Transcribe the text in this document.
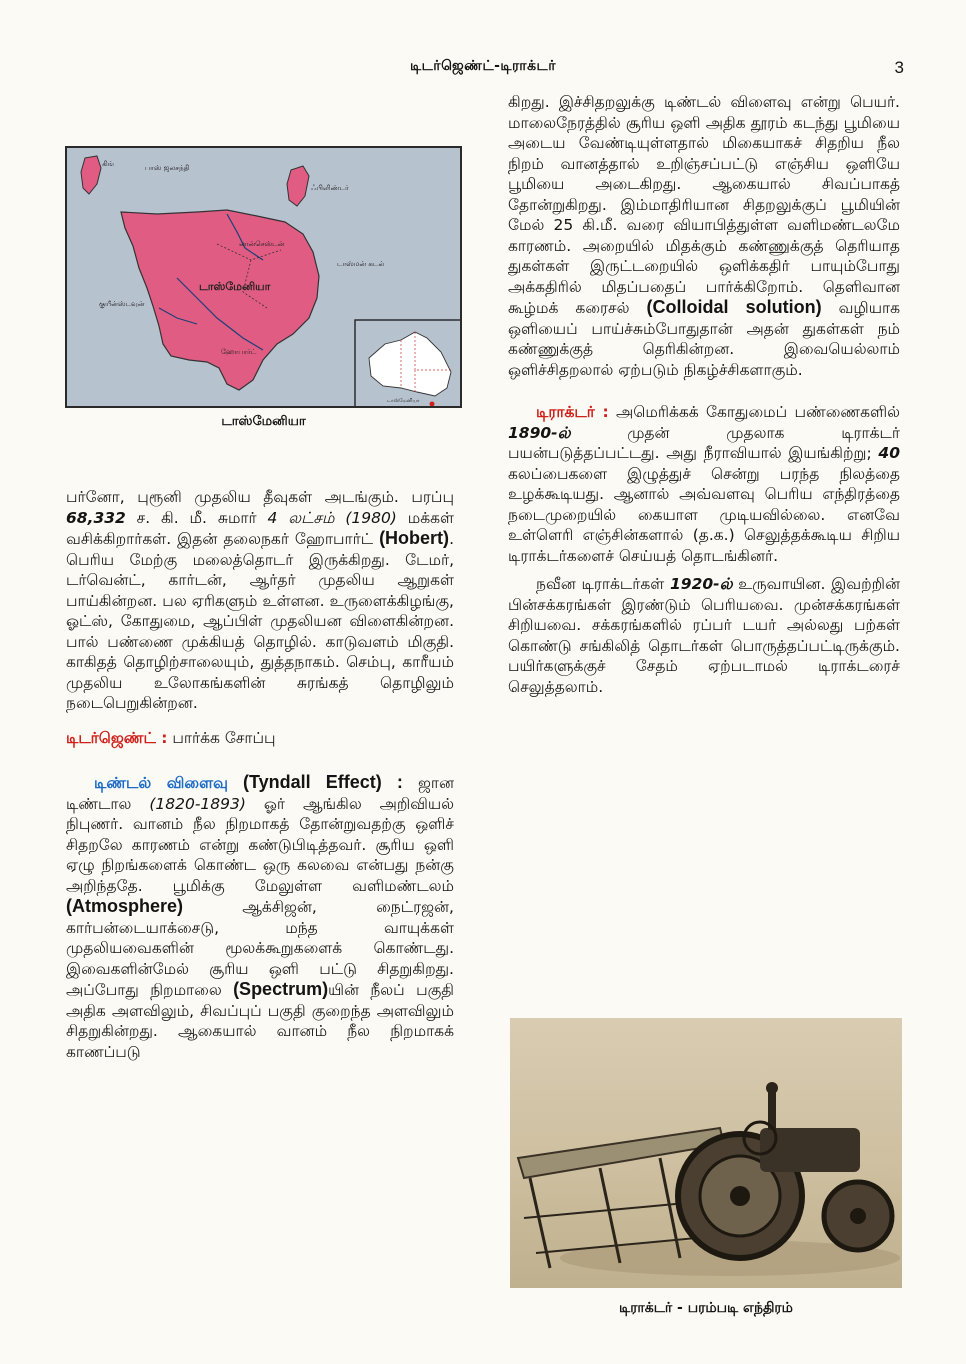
டிடர்ஜெண்ட்-டிராக்டர்	3
கிங்	பாஸ் ஜலசந்தி
ஃபிளிண்டர்
லான்செஸ்டன்
டாஸ்மன் கடல்
டாஸ்மேனியா
குயீன்ஸ்டவுன்
ஹோபார்ட்
டாஸ்மேனியா
டாஸ்மேனியா

பர்னோ, புரூனி முதலிய தீவுகள் அடங்கும். பரப்பு 68,332 ச. கி. மீ. சுமார் 4 லட்சம் (1980) மக்கள் வசிக்கிறார்கள். இதன் தலைநகர் ஹோபார்ட் (Hobert). பெரிய மேற்கு மலைத்தொடர் இருக்கிறது. டேமர், டர்வென்ட், கார்டன், ஆர்தர் முதலிய ஆறுகள் பாய்கின்றன. பல ஏரிகளும் உள்ளன. உருளைக்கிழங்கு, ஓட்ஸ், கோதுமை, ஆப்பிள் முதலியன விளைகின்றன. பால் பண்ணை முக்கியத் தொழில். காடுவளம் மிகுதி. காகிதத் தொழிற்சாலையும், துத்தநாகம். செம்பு, காரீயம் முதலிய உலோகங்களின் சுரங்கத் தொழிலும் நடைபெறுகின்றன.

டிடர்ஜெண்ட் : பார்க்க சோப்பு

டிண்டல் விளைவு (Tyndall Effect) : ஜான டிண்டால (1820-1893) ஓர் ஆங்கில அறிவியல் நிபுணர். வானம் நீல நிறமாகத் தோன்றுவதற்கு ஒளிச் சிதறலே காரணம் என்று கண்டுபிடித்தவர். சூரிய ஒளி ஏழு நிறங்களைக் கொண்ட ஒரு கலவை என்பது நன்கு அறிந்ததே. பூமிக்கு மேலுள்ள வளிமண்டலம் (Atmosphere) ஆக்சிஜன், நைட்ரஜன், கார்பன்டையாக்சைடு, மந்த வாயுக்கள் முதலியவைகளின் மூலக்கூறுகளைக் கொண்டது. இவைகளின்மேல் சூரிய ஒளி பட்டு சிதறுகிறது. அப்போது நிறமாலை (Spectrum)யின் நீலப் பகுதி அதிக அளவிலும், சிவப்புப் பகுதி குறைந்த அளவிலும் சிதறுகின்றது. ஆகையால் வானம் நீல நிறமாகக் காணப்படு

கிறது. இச்சிதறலுக்கு டிண்டல் விளைவு என்று பெயர். மாலைநேரத்தில் சூரிய ஒளி அதிக தூரம் கடந்து பூமியை அடைய வேண்டியுள்ளதால் மிகையாகச் சிதறிய நீல நிறம் வானத்தால் உறிஞ்சப்பட்டு எஞ்சிய ஒளியே பூமியை அடைகிறது. ஆகையால் சிவப்பாகத் தோன்றுகிறது. இம்மாதிரியான சிதறலுக்குப் பூமியின் மேல் 25 கி.மீ. வரை வியாபித்துள்ள வளிமண்டலமே காரணம். அறையில் மிதக்கும் கண்ணுக்குத் தெரியாத துகள்கள் இருட்டறையில் ஒளிக்கதிர் பாயும்போது அக்கதிரில் மிதப்பதைப் பார்க்கிறோம். தெளிவான கூழ்மக் கரைசல் (Colloidal solution) வழியாக ஒளியைப் பாய்ச்சும்போதுதான் அதன் துகள்கள் நம் கண்ணுக்குத் தெரிகின்றன. இவையெல்லாம் ஒளிச்சிதறலால் ஏற்படும் நிகழ்ச்சிகளாகும்.

டிராக்டர் : அமெரிக்கக் கோதுமைப் பண்ணைகளில் 1890-ல் முதன் முதலாக டிராக்டர் பயன்படுத்தப்பட்டது. அது நீராவியால் இயங்கிற்று; 40 கலப்பைகளை இழுத்துச் சென்று பரந்த நிலத்தை உழக்கூடியது. ஆனால் அவ்வளவு பெரிய எந்திரத்தை நடைமுறையில் கையாள முடியவில்லை. எனவே உள்ளெரி எஞ்சின்களால் (த.க.) செலுத்தக்கூடிய சிறிய டிராக்டர்களைச் செய்யத் தொடங்கினர்.

நவீன டிராக்டர்கள் 1920-ல் உருவாயின. இவற்றின் பின்சக்கரங்கள் இரண்டும் பெரியவை. முன்சக்கரங்கள் சிறியவை. சக்கரங்களில் ரப்பர் டயர் அல்லது பற்கள் கொண்டு சங்கிலித் தொடர்கள் பொருத்தப்பட்டிருக்கும். பயிர்களுக்குச் சேதம் ஏற்படாமல் டிராக்டரைச் செலுத்தலாம்.

டிராக்டர் - பரம்படி எந்திரம்
